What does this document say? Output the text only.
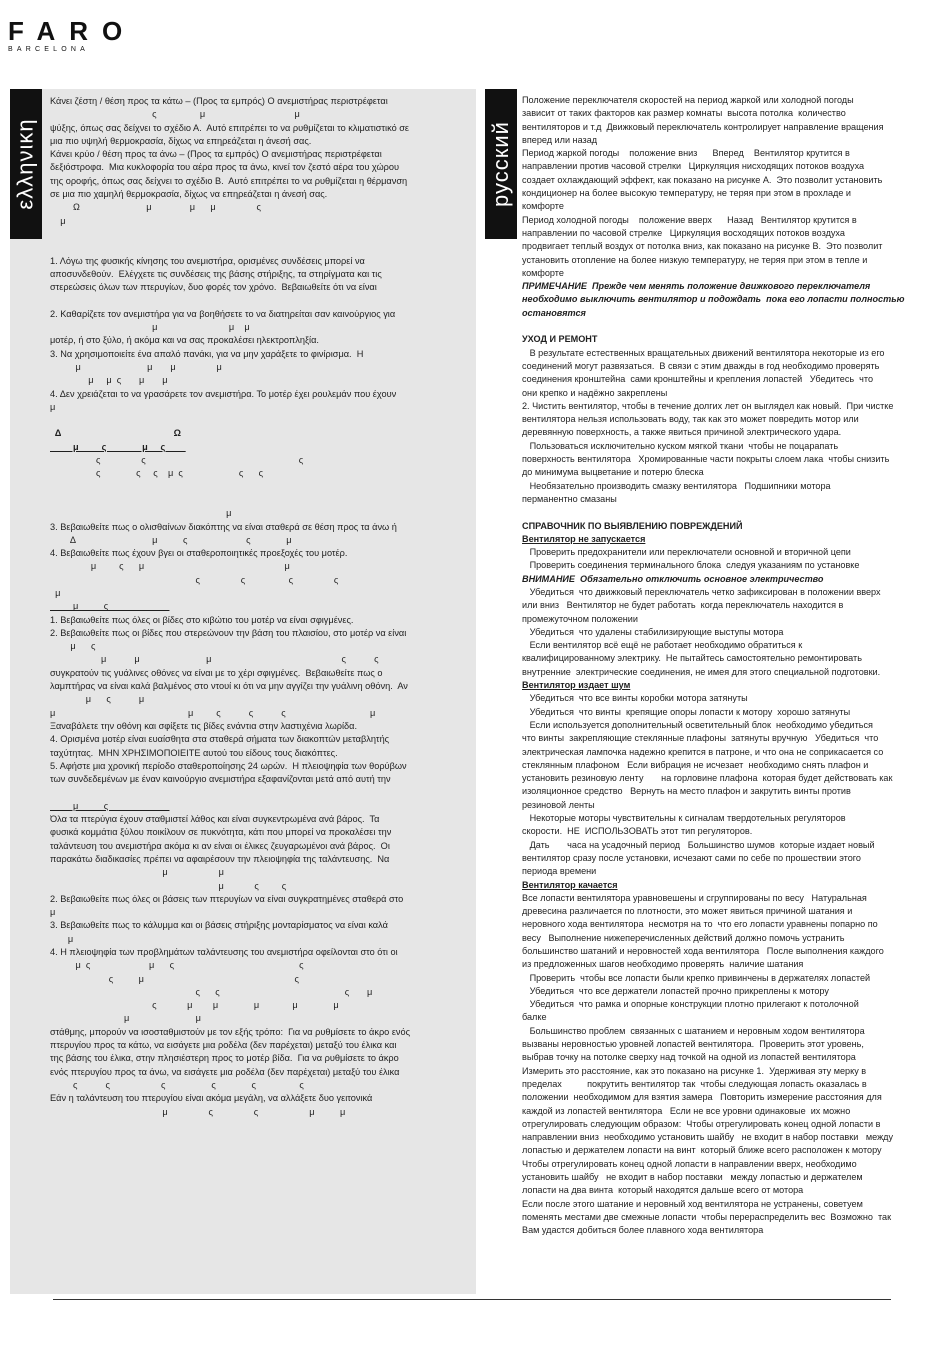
FARO
BARCELONA
ελληνικη
Κάνει ζέστη / θέση προς τα κάτω – (Προς τα εμπρός) Ο ανεμιστήρας περιστρέφεται
ς                 μ                                   μ
ψύξης, όπως σας δείχνει το σχέδιο Α.  Αυτό επιτρέπει το να ρυθμίζεται το κλιματιστικό σε
μια πιο υψηλή θερμοκρασία, δίχως να επηρεάζεται η άνεσή σας.
Κάνει κρύο / θέση προς τα άνω – (Προς τα εμπρός) Ο ανεμιστήρας περιστρέφεται
δεξιόστροφα.  Μια κυκλοφορία του αέρα προς τα άνω, κινεί τον ζεστό αέρα του χώρου
της οροφής, όπως σας δείχνει το σχέδιο Β.  Αυτό επιτρέπει το να ρυθμίζεται η θέρμανση
σε μια πιο χαμηλή θερμοκρασία, δίχως να επηρεάζεται η άνεσή σας.
Ω                          μ               μ      μ                ς
μ
1. Λόγω της φυσικής κίνησης του ανεμιστήρα, ορισμένες συνδέσεις μπορεί να
αποσυνδεθούν.  Ελέγχετε τις συνδέσεις της βάσης στήριξης, τα στηρίγματα και τις
στερεώσεις όλων των πτερυγίων, δυο φορές τον χρόνο.  Βεβαιωθείτε ότι να είναι
2. Καθαρίζετε τον ανεμιστήρα για να βοηθήσετε το να διατηρείται σαν καινούργιος για
μ                            μ    μ
μοτέρ, ή στο ξύλο, ή ακόμα και να σας προκαλέσει ηλεκτροπληξία.
3. Να χρησιμοποιείτε ένα απαλό πανάκι, για να μην χαράξετε το φινίρισμα.  Η
μ                          μ       μ                μ
μ     μ  ς       μ       μ
4. Δεν χρειάζεται το να γρασάρετε τον ανεμιστήρα. Το μοτέρ έχει ρουλεμάν που έχουν
μ
Δ                                            Ω
μ         ς              μ     ς
ς                ς                                                            ς
ς              ς     ς    μ  ς                      ς      ς
μ
3. Βεβαιωθείτε πως ο ολισθαίνων διακόπτης να είναι σταθερά σε θέση προς τα άνω ή
Δ                              μ          ς                       ς              μ
4. Βεβαιωθείτε πως έχουν βγει οι σταθεροποιητικές προεξοχές του μοτέρ.
μ         ς      μ                                                       μ
ς                ς                 ς                ς
μ
μ          ς
1. Βεβαιωθείτε πως όλες οι βίδες στο κιβώτιο του μοτέρ να είναι σφιγμένες.
2. Βεβαιωθείτε πως οι βίδες που στερεώνουν την βάση του πλαισίου, στο μοτέρ να είναι
μ      ς
μ           μ                          μ                                                   ς           ς
συγκρατούν τις γυάλινες οθόνες να είναι με το χέρι σφιγμένες.  Βεβαιωθείτε πως ο
λαμπτήρας να είναι καλά βαλμένος στο ντουί κι ότι να μην αγγίζει την γυάλινη οθόνη.  Αν
μ      ς           μ
μ                                                    μ         ς           ς           ς                                 μ
Ξαναβάλετε την οθόνη και σφίξετε τις βίδες ενάντια στην λαστιχένια λωρίδα.
4. Ορισμένα μοτέρ είναι ευαίσθητα στα σταθερά σήματα των διακοπτών μεταβλητής
ταχύτητας.  ΜΗΝ ΧΡΗΣΙΜΟΠΟΙΕΙΤΕ αυτού του είδους τους διακόπτες.
5. Αφήστε μια χρονική περίοδο σταθεροποίησης 24 ωρών.  Η πλειοψηφία των θορύβων
των συνδεδεμένων με έναν καινούργιο ανεμιστήρα εξαφανίζονται μετά από αυτή την
μ          ς
Όλα τα πτερύγια έχουν σταθμιστεί λάθος και είναι συγκεντρωμένα ανά βάρος.  Τα
φυσικά κομμάτια ξύλου ποικίλουν σε πυκνότητα, κάτι που μπορεί να προκαλέσει την
ταλάντευση του ανεμιστήρα ακόμα κι αν είναι οι έλικες ζευγαρωμένοι ανά βάρος.  Οι
παρακάτω διαδικασίες πρέπει να αφαιρέσουν την πλειοψηφία της ταλάντευσης.  Να
μ                    μ
μ            ς         ς
2. Βεβαιωθείτε πως όλες οι βάσεις των πτερυγίων να είναι συγκρατημένες σταθερά στο
μ
3. Βεβαιωθείτε πως το κάλυμμα και οι βάσεις στήριξης μονταρίσματος να είναι καλά
μ
4. Η πλειοψηφία των προβλημάτων ταλάντευσης του ανεμιστήρα οφείλονται στο ότι οι
μ  ς                       μ      ς                                                 ς
ς          μ                                                           ς
ς      ς                                                 ς       μ
ς            μ        μ              μ             μ              μ
μ                          μ
στάθμης, μπορούν να ισοσταθμιστούν με τον εξής τρόπο:  Για να ρυθμίσετε το άκρο ενός
πτερυγίου προς τα κάτω, να εισάγετε μια ροδέλα (δεν παρέχεται) μεταξύ του έλικα και
της βάσης του έλικα, στην πλησιέστερη προς το μοτέρ βίδα.  Για να ρυθμίσετε το άκρο
ενός πτερυγίου προς τα άνω, να εισάγετε μια ροδέλα (δεν παρέχεται) μεταξύ του έλικα
ς           ς                    ς                  ς              ς                 ς
Εάν η ταλάντευση του πτερυγίου είναι ακόμα μεγάλη, να αλλάξετε δυο γειτονικά
μ                ς                ς                    μ          μ
русский
Положение переключателя скоростей на период жаркой или холодной погоды
зависит от таких факторов как размер комнаты  высота потолка  количество
вентиляторов и т.д  Движковый переключатель контролирует направление вращения
вперед или назад
Период жаркой погоды    положение вниз      Вперед    Вентилятор крутится в
направлении против часовой стрелки   Циркуляция нисходящих потоков воздуха
создает охлаждающий эффект, как показано на рисунке А.  Это позволит установить
кондиционер на более высокую температуру, не теряя при этом в прохладе и
комфорте
Период холодной погоды    положение вверх      Назад   Вентилятор крутится в
направлении по часовой стрелке   Циркуляция восходящих потоков воздуха
продвигает теплый воздух от потолка вниз, как показано на рисунке В.  Это позволит
установить отопление на более низкую температуру, не теряя при этом в тепле и
комфорте
ПРИМЕЧАНИЕ  Прежде чем менять положение движкового переключателя
необходимо выключить вентилятор и подождать  пока его лопасти полностью
остановятся
УХОД И РЕМОНТ
В результате естественных вращательных движений вентилятора некоторые из его
соединений могут развязаться.  В связи с этим дважды в год необходимо проверять
соединения кронштейна  сами кронштейны и крепления лопастей   Убедитесь  что
они крепко и надёжно закреплены
2. Чистить вентилятор, чтобы в течение долгих лет он выглядел как новый.  При чистке
вентилятора нельзя использовать воду, так как это может повредить мотор или
деревянную поверхность, а также явиться причиной электрического удара.
Пользоваться исключительно куском мягкой ткани  чтобы не поцарапать
поверхность вентилятора   Хромированные части покрыты слоем лака  чтобы снизить
до минимума выцветание и потерю блеска
Необязательно производить смазку вентилятора   Подшипники мотора
перманентно смазаны
СПРАВОЧНИК ПО ВЫЯВЛЕНИЮ ПОВРЕЖДЕНИЙ
Вентилятор не запускается
Проверить предохранители или переключатели основной и вторичной цепи
Проверить соединения терминального блока  следуя указаниям по установке
ВНИМАНИЕ  Обязательно отключить основное электричество
Убедиться  что движковый переключатель четко зафиксирован в положении вверх
или вниз   Вентилятор не будет работать  когда переключатель находится в
промежуточном положении
Убедиться  что удалены стабилизирующие выступы мотора
Если вентилятор всё ещё не работает необходимо обратиться к
квалифицированному электрику.  Не пытайтесь самостоятельно ремонтировать
внутренние  электрические соединения, не имея для этого специальной подготовки.
Вентилятор издает шум
Убедиться  что все винты коробки мотора затянуты
Убедиться  что винты  крепящие опоры лопасти к мотору  хорошо затянуты
Если используется дополнительный осветительный блок  необходимо убедиться
что винты  закрепляющие стеклянные плафоны  затянуты вручную   Убедиться  что
электрическая лампочка надежно крепится в патроне, и что она не соприкасается со
стеклянным плафоном   Если вибрация не исчезает  необходимо снять плафон и
установить резиновую ленту       на горловине плафона  которая будет действовать как
изоляционное средство   Вернуть на место плафон и закрутить винты против
резиновой ленты
Некоторые моторы чувствительны к сигналам твердотельных регуляторов
скорости.  НЕ  ИСПОЛЬЗОВАТЬ этот тип регуляторов.
Дать       часа на усадочный период   Большинство шумов  которые издает новый
вентилятор сразу после установки, исчезают сами по себе по прошествии этого
периода времени
Вентилятор качается
Все лопасти вентилятора уравновешены и сгруппированы по весу   Натуральная
древесина различается по плотности, это может явиться причиной шатания и
неровного хода вентилятора  несмотря на то  что его лопасти уравнены попарно по
весу   Выполнение нижеперечисленных действий должно помочь устранить
большинство шатаний и неровностей хода вентилятора   После выполнения каждого
из предложенных шагов необходимо проверять  наличие шатания
Проверить  чтобы все лопасти были крепко привинчены в держателях лопастей
Убедиться  что все держатели лопастей прочно прикреплены к мотору
Убедиться  что рамка и опорные конструкции плотно прилегают к потолочной
балке
Большинство проблем  связанных с шатанием и неровным ходом вентилятора
вызваны неровностью уровней лопастей вентилятора.  Проверить этот уровень,
выбрав точку на потолке сверху над точкой на одной из лопастей вентилятора
Измерить это расстояние, как это показано на рисунке 1.  Удерживая эту мерку в
пределах          покрутить вентилятор так  чтобы следующая лопасть оказалась в
положении  необходимом для взятия замера   Повторить измерение расстояния для
каждой из лопастей вентилятора   Если не все уровни одинаковые  их можно
отрегулировать следующим образом:  Чтобы отрегулировать конец одной лопасти в
направлении вниз  необходимо установить шайбу   не входит в набор поставки   между
лопастью и держателем лопасти на винт  который ближе всего расположен к мотору
Чтобы отрегулировать конец одной лопасти в направлении вверх, необходимо
установить шайбу   не входит в набор поставки   между лопастью и держателем
лопасти на два винта  который находятся дальше всего от мотора
Если после этого шатание и неровный ход вентилятора не устранены, советуем
поменять местами две смежные лопасти  чтобы перераспределить вес  Возможно  так
Вам удастся добиться более плавного хода вентилятора
